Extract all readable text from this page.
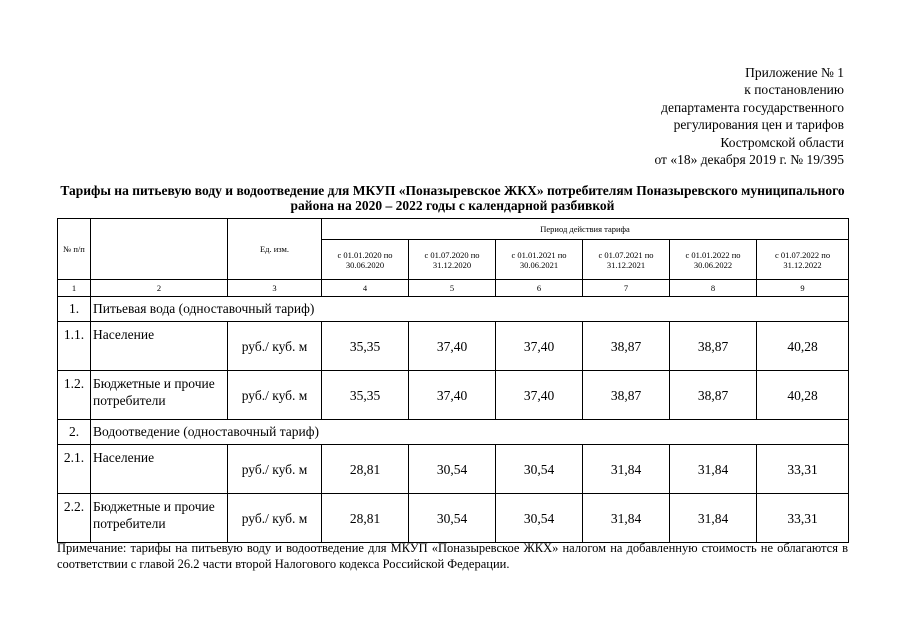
Приложение № 1
к постановлению
департамента государственного
регулирования цен и тарифов
Костромской области
от «18» декабря 2019 г. № 19/395
Тарифы на питьевую воду и водоотведение для МКУП «Поназыревское ЖКХ» потребителям Поназыревского муниципального района на 2020 – 2022 годы с календарной разбивкой
№ п/п		Ед. изм.	Период действия тарифа					
			с 01.01.2020 по 30.06.2020	с 01.07.2020 по 31.12.2020	с 01.01.2021 по 30.06.2021	с 01.07.2021 по 31.12.2021	с 01.01.2022 по 30.06.2022	с 01.07.2022 по 31.12.2022
1	2	3	4	5	6	7	8	9
1.	Питьевая вода (одноставочный тариф)							
1.1.	Население	руб./ куб. м	35,35	37,40	37,40	38,87	38,87	40,28
1.2.	Бюджетные и прочие потребители	руб./ куб. м	35,35	37,40	37,40	38,87	38,87	40,28
2.	Водоотведение (одноставочный тариф)							
2.1.	Население	руб./ куб. м	28,81	30,54	30,54	31,84	31,84	33,31
2.2.	Бюджетные и прочие потребители	руб./ куб. м	28,81	30,54	30,54	31,84	31,84	33,31
Примечание: тарифы на питьевую воду и водоотведение для МКУП «Поназыревское ЖКХ» налогом на добавленную стоимость не облагаются в соответствии с главой 26.2 части второй Налогового кодекса Российской Федерации.
